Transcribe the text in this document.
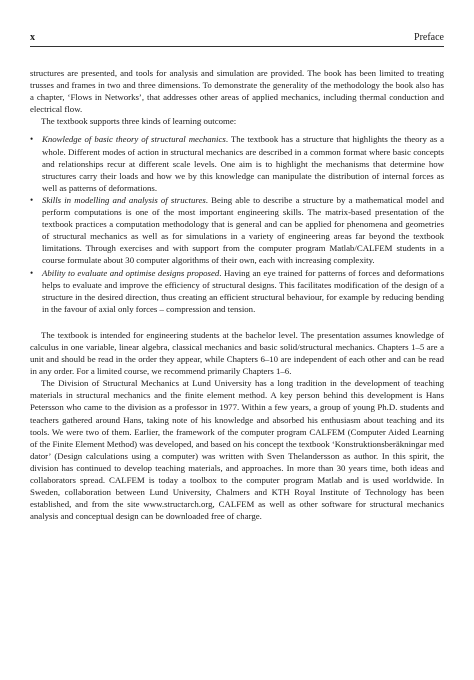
x	Preface

structures are presented, and tools for analysis and simulation are provided. The book has been limited to treating trusses and frames in two and three dimensions. To demonstrate the generality of the methodology the book also has a chapter, ‘Flows in Networks’, that addresses other areas of applied mechanics, including thermal conduction and electrical flow.

The textbook supports three kinds of learning outcome:

• Knowledge of basic theory of structural mechanics. The textbook has a structure that highlights the theory as a whole. Different modes of action in structural mechanics are described in a common format where basic concepts and relationships recur at different scale levels. One aim is to highlight the mechanisms that determine how structures carry their loads and how we by this knowledge can manipulate the distribution of internal forces as well as patterns of deformations.
• Skills in modelling and analysis of structures. Being able to describe a structure by a mathematical model and perform computations is one of the most important engineering skills. The matrix-based presentation of the textbook practices a computation methodology that is general and can be applied for phenomena and geometries of structural mechanics as well as for simulations in a variety of engineering areas far beyond the textbook limitations. Through exercises and with support from the computer program Matlab/CALFEM students in a course formulate about 30 computer algorithms of their own, each with increasing complexity.
• Ability to evaluate and optimise designs proposed. Having an eye trained for patterns of forces and deformations helps to evaluate and improve the efficiency of structural designs. This facilitates modification of the design of a structure in the desired direction, thus creating an efficient structural behaviour, for example by reducing bending in the favour of axial only forces – compression and tension.

The textbook is intended for engineering students at the bachelor level. The presentation assumes knowledge of calculus in one variable, linear algebra, classical mechanics and basic solid/structural mechanics. Chapters 1–5 are a unit and should be read in the order they appear, while Chapters 6–10 are independent of each other and can be read in any order. For a limited course, we recommend primarily Chapters 1–6.

The Division of Structural Mechanics at Lund University has a long tradition in the development of teaching materials in structural mechanics and the finite element method. A key person behind this development is Hans Petersson who came to the division as a professor in 1977. Within a few years, a group of young Ph.D. students and teachers gathered around Hans, taking note of his knowledge and absorbed his enthusiasm about teaching and its tools. We were two of them. Earlier, the framework of the computer program CALFEM (Computer Aided Learning of the Finite Element Method) was developed, and based on his concept the textbook ‘Konstruktionsberäkningar med dator’ (Design calculations using a computer) was written with Sven Thelandersson as author. In this spirit, the division has continued to develop teaching materials, and approaches. In more than 30 years time, both ideas and collaborators spread. CALFEM is today a toolbox to the computer program Matlab and is used worldwide. In Sweden, collaboration between Lund University, Chalmers and KTH Royal Institute of Technology has been established, and from the site www.structarch.org, CALFEM as well as other software for structural mechanics analysis and conceptual design can be downloaded free of charge.
